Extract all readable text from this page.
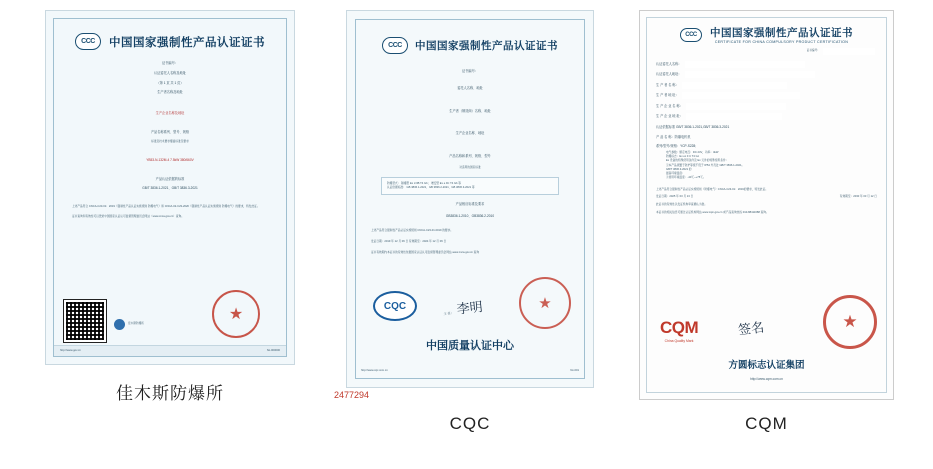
CCC	中国国家强制性产品认证证书
证书编号：
认证委托人名称及地址
（第 1 页 共 1 页）
生产者名称及地址
生产企业名称及地址
产品名称系列、型号、规格
标准及技术要求覆盖标准及要求
YB53-N-132M-4 7.5kW 380/660V
产品认证依据的标准
GB/T 3836.1-2021、GB/T 3836.3-2021
上述产品符合 CNCA-C23-01：2019《强制性产品认证实施规则 防爆电气》和 CNCA-02-C23-2020《强制性产品认证实施规则 防爆电气》的要求，特发此证。
证书查询和有效性可以登录中国国家认证认可监督管理委员会网站（www.cnca.gov.cn）查询。
佳木斯防爆所
★
http://www.gov.cn	No.000000
佳木斯防爆所
CCC	中国国家强制性产品认证证书
证书编号：
委托人名称、地址
生产者（制造商）名称、地址
生产企业名称、地址
产品名称和系列、规格、型号
对适用的国家标准
防爆型式： 隔爆型 Ex d IIB T4 Gb； 增安型 Ex e IIC T4 Gb 等
认证依据标准： GB 3836.1-2021、GB 3836.2-2021、GB 3836.3-2021 等
产品相应标准及要求
GB3836.1-2010、GB3836.2-2010
上述产品符合强制性产品认证实施规则 CNCA-C23-01:2019 的要求。
发证日期：2019 年 12 月 06 日 有效期至：2024 年 12 月 06 日
证书有效期内本证书的有效性依据国家认证认可监督管理委员会网站 www.cnca.gov.cn 查询
CQC
主 任： 李明
★
中国质量认证中心
http://www.cqc.com.cn	No.001
2477294
CQC
CCC	中国国家强制性产品认证证书
CERTIFICATE FOR CHINA COMPULSORY PRODUCT CERTIFICATION
证书编号：
认证委托人名称：
认证委托人地址：
生 产 者 名 称：
生 产 者 地 址：
生 产 企 业 名 称：
生 产 企 业 地 址：
认证依据标准 GB/T 3836.1-2021,GB/T 3836.3-2021
产 品 名 称：防爆电机机
系列/型号/规格：YCP-S228;
电气参数：额定电压：DC 24V，功率：4kW
防爆标志：Ex ec II C T4 Gc
Ex 设备的特殊使用条件及 Ex 元件的特殊使用条件：
①本产品须置于防护等级不低于 IP54 外壳处 GB/T 3836.1-2021。
GB/T 3836.3-2021 的
最高环境温度：
②使用环境温度：-40℃~+75℃。
上述产品符合强制性产品认证实施规则《防爆电气》CNCA-C23-01：2019的要求，特发此证。
发证日期：2025 年 03 月 13 日	有效期至：2030 年 03 月 12 日
此证书的有效性以发证机构审查确认为准。
本证书的相关信息可通过认证机构网站 www.cqm.gov.cn 或产品查询热线 010-88411688 查询。
CQM
China Quality Mark
签名
★
方圆标志认证集团
http://www.cqm.com.cn
CQM
